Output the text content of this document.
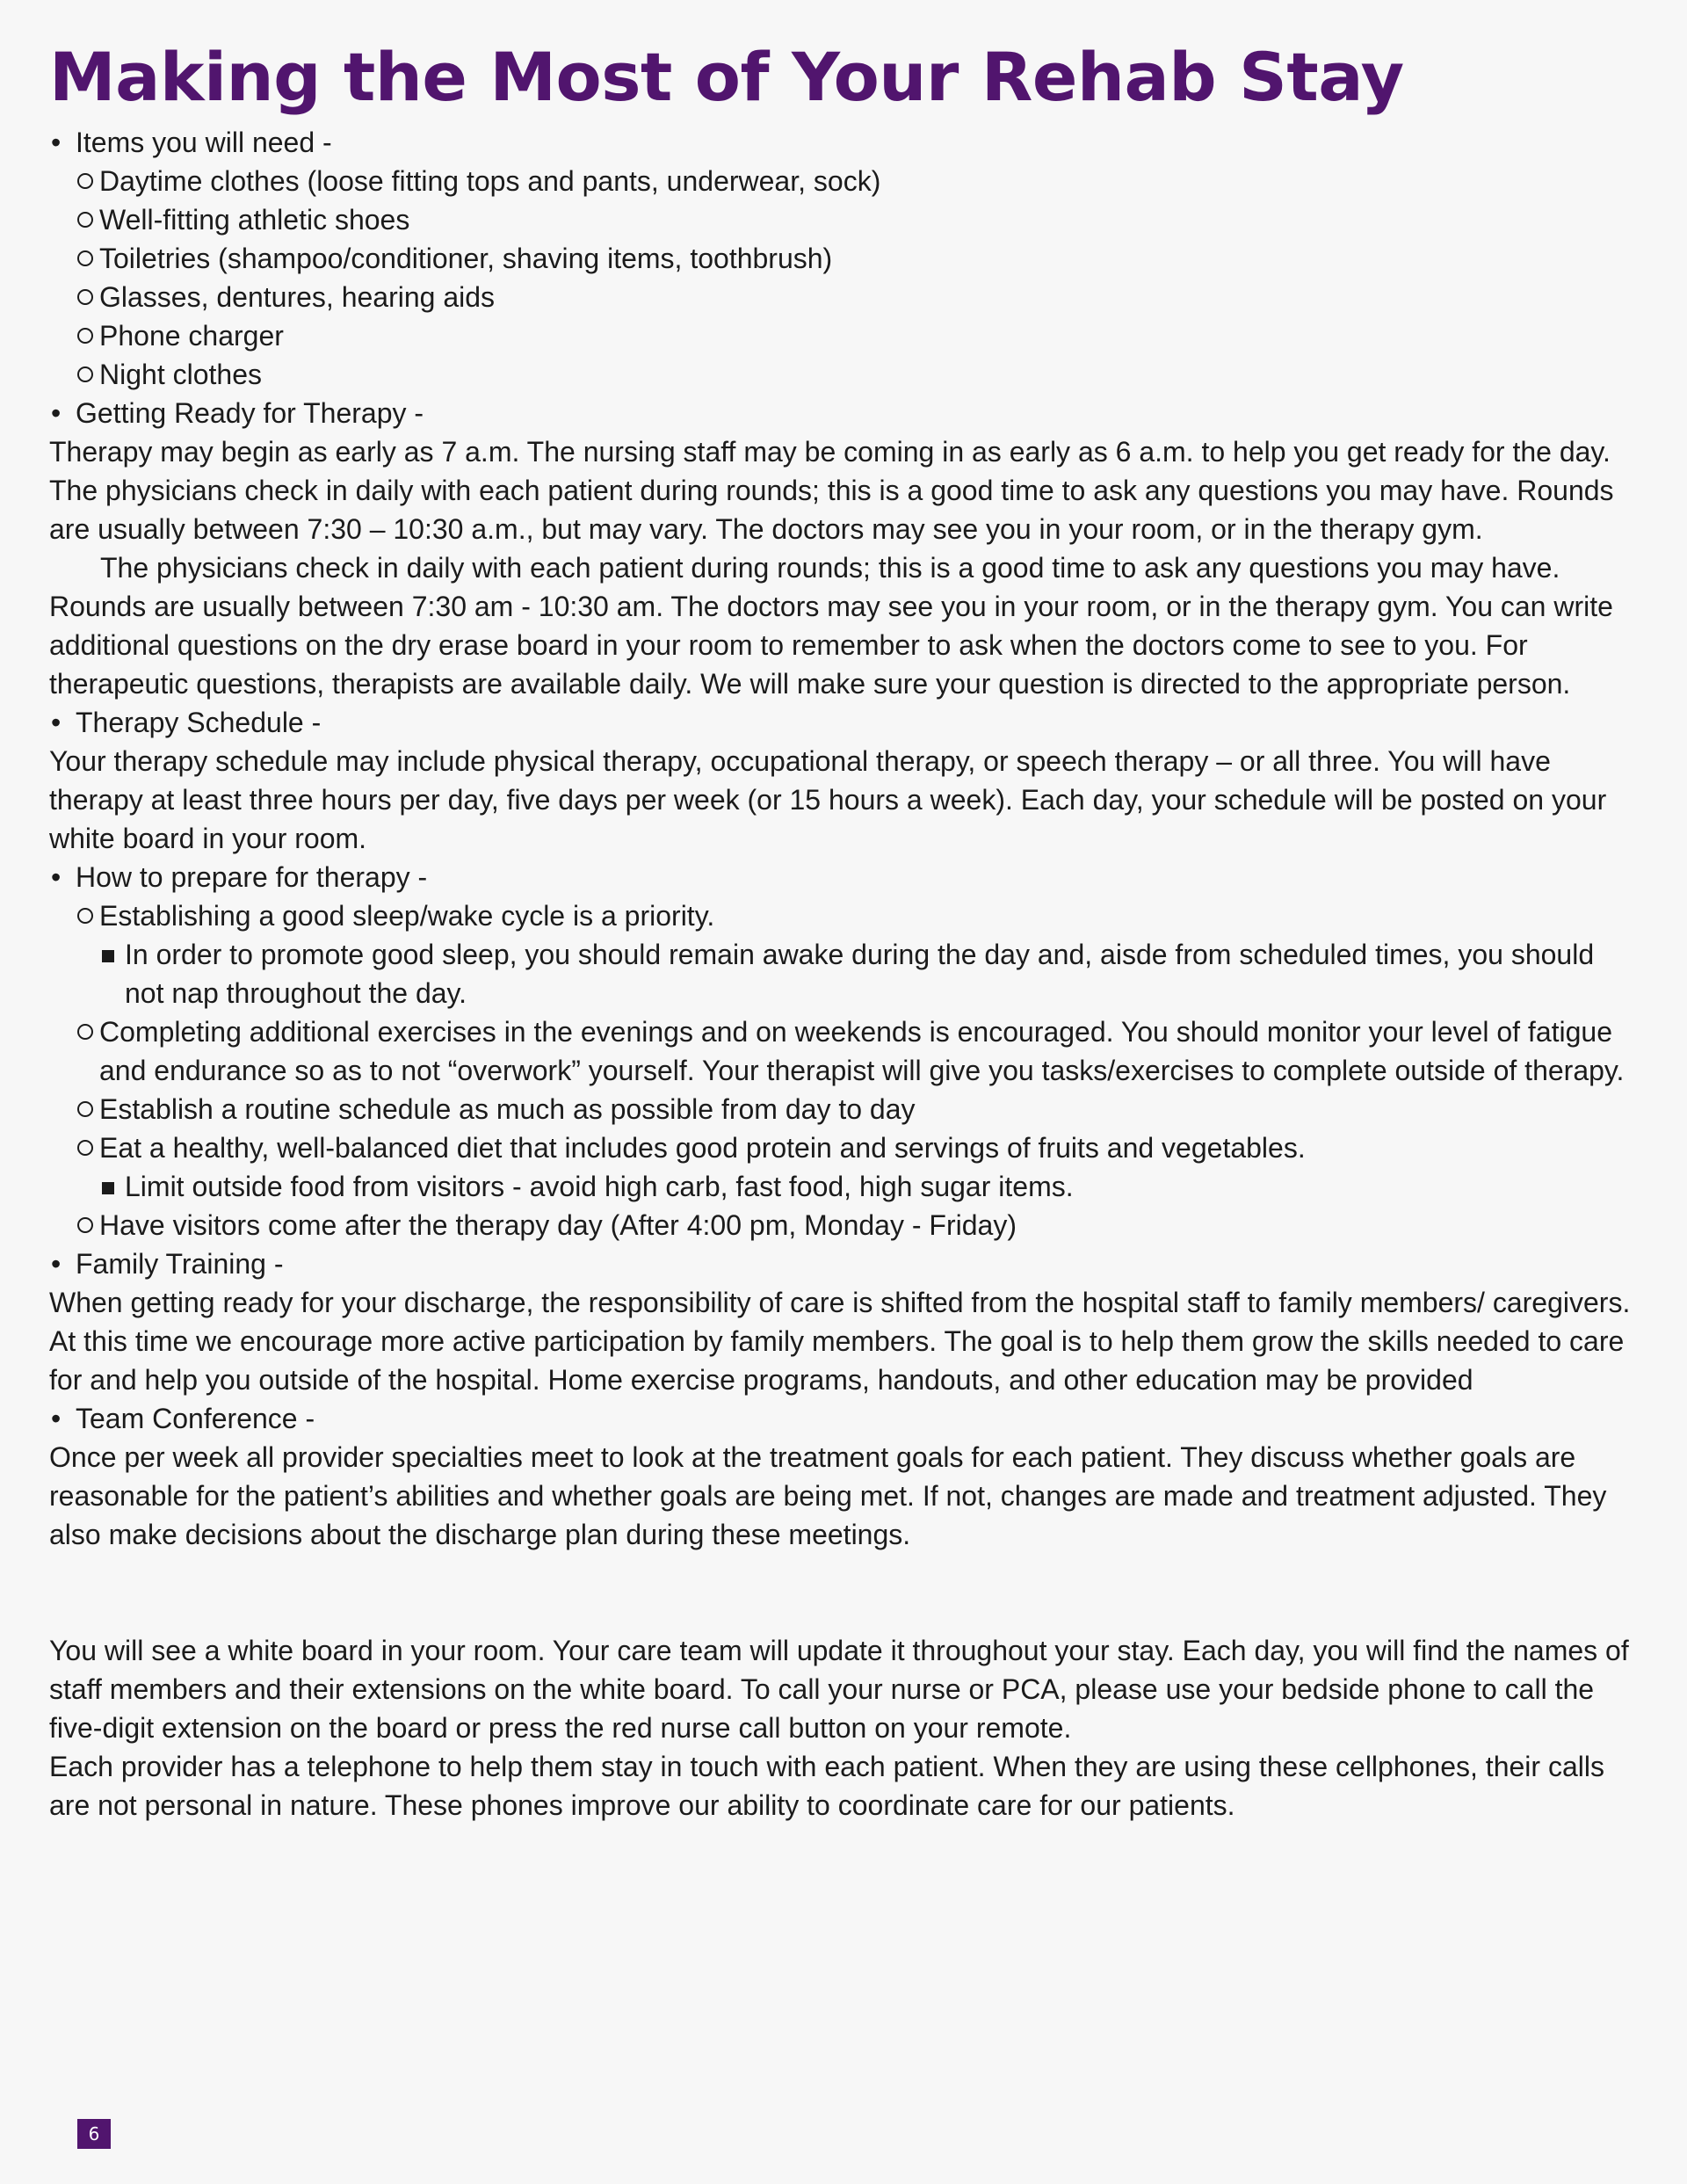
Making the Most of Your Rehab Stay
• Items you will need -
Daytime clothes (loose fitting tops and pants, underwear, sock)
Well-fitting athletic shoes
Toiletries (shampoo/conditioner, shaving items, toothbrush)
Glasses, dentures, hearing aids
Phone charger
Night clothes
• Getting Ready for Therapy -

Therapy may begin as early as 7 a.m. The nursing staff may be coming in as early as 6 a.m. to help you get ready for the day. The physicians check in daily with each patient during rounds; this is a good time to ask any questions you may have. Rounds are usually between 7:30 – 10:30 a.m., but may vary. The doctors may see you in your room, or in the therapy gym.

The physicians check in daily with each patient during rounds; this is a good time to ask any questions you may have. Rounds are usually between 7:30 am - 10:30 am. The doctors may see you in your room, or in the therapy gym. You can write additional questions on the dry erase board in your room to remember to ask when the doctors come to see to you. For therapeutic questions, therapists are available daily. We will make sure your question is directed to the appropriate person.

• Therapy Schedule -

Your therapy schedule may include physical therapy, occupational therapy, or speech therapy – or all three. You will have therapy at least three hours per day, five days per week (or 15 hours a week). Each day, your schedule will be posted on your white board in your room.

• How to prepare for therapy -
Establishing a good sleep/wake cycle is a priority.
In order to promote good sleep, you should remain awake during the day and, aisde from scheduled times, you should not nap throughout the day.
Completing additional exercises in the evenings and on weekends is encouraged. You should monitor your level of fatigue and endurance so as to not “overwork” yourself. Your therapist will give you tasks/exercises to complete outside of therapy.
Establish a routine schedule as much as possible from day to day
Eat a healthy, well-balanced diet that includes good protein and servings of fruits and vegetables.
Limit outside food from visitors - avoid high carb, fast food, high sugar items.
Have visitors come after the therapy day (After 4:00 pm, Monday - Friday)
• Family Training -

When getting ready for your discharge, the responsibility of care is shifted from the hospital staff to family members/ caregivers. At this time we encourage more active participation by family members. The goal is to help them grow the skills needed to care for and help you outside of the hospital. Home exercise programs, handouts, and other education may be provided

• Team Conference -

Once per week all provider specialties meet to look at the treatment goals for each patient. They discuss whether goals are reasonable for the patient’s abilities and whether goals are being met. If not, changes are made and treatment adjusted. They also make decisions about the discharge plan during these meetings.

You will see a white board in your room. Your care team will update it throughout your stay. Each day, you will find the names of staff members and their extensions on the white board. To call your nurse or PCA, please use your bedside phone to call the five-digit extension on the board or press the red nurse call button on your remote.

Each provider has a telephone to help them stay in touch with each patient. When they are using these cellphones, their calls are not personal in nature. These phones improve our ability to coordinate care for our patients.

6
